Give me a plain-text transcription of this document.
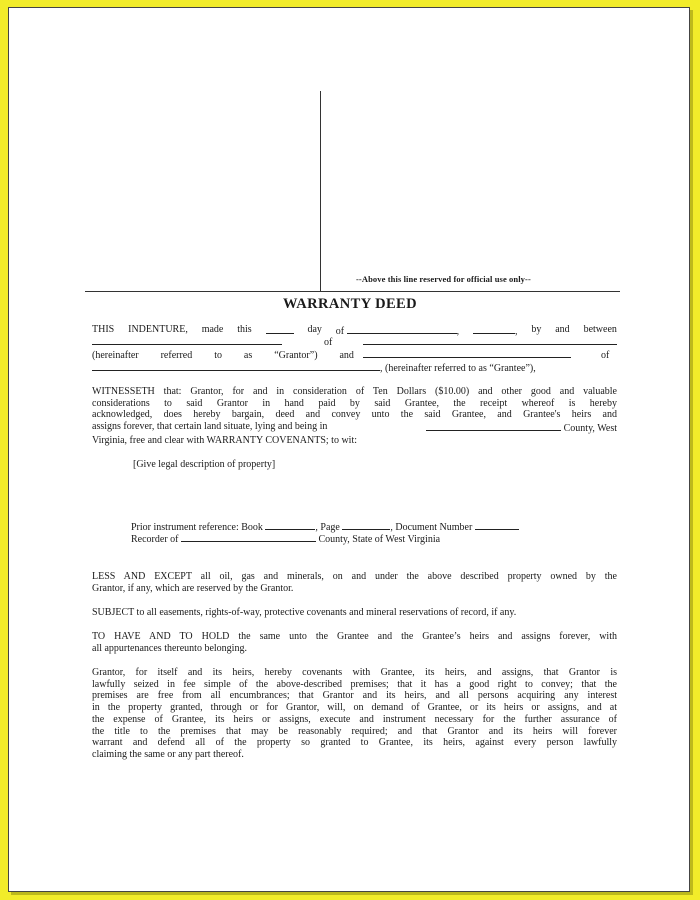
--Above this line reserved for official use only--
WARRANTY DEED
THIS INDENTURE, made this	day of	,	, by and between
of
(hereinafter referred to as “Grantor”) and	of
, (hereinafter referred to as “Grantee”),
WITNESSETH that: Grantor, for and in consideration of Ten Dollars ($10.00) and other good and valuable
considerations to said Grantor in hand paid by said Grantee, the receipt whereof is hereby
acknowledged, does hereby bargain, deed and convey unto the said Grantee, and Grantee's heirs and
assigns forever, that certain land situate, lying and being in	County, West
Virginia, free and clear with WARRANTY COVENANTS; to wit:
[Give legal description of property]
Prior instrument reference: Book	, Page	, Document Number
Recorder of	County, State of West Virginia
LESS AND EXCEPT all oil, gas and minerals, on and under the above described property owned by the
Grantor, if any, which are reserved by the Grantor.
SUBJECT to all easements, rights-of-way, protective covenants and mineral reservations of record, if any.
TO HAVE AND TO HOLD the same unto the Grantee and the Grantee’s heirs and assigns forever, with
all appurtenances thereunto belonging.
Grantor, for itself and its heirs, hereby covenants with Grantee, its heirs, and assigns, that Grantor is
lawfully seized in fee simple of the above-described premises; that it has a good right to convey; that the
premises are free from all encumbrances; that Grantor and its heirs, and all persons acquiring any interest
in the property granted, through or for Grantor, will, on demand of Grantee, or its heirs or assigns, and at
the expense of Grantee, its heirs or assigns, execute and instrument necessary for the further assurance of
the title to the premises that may be reasonably required; and that Grantor and its heirs will forever
warrant and defend all of the property so granted to Grantee, its heirs, against every person lawfully
claiming the same or any part thereof.
